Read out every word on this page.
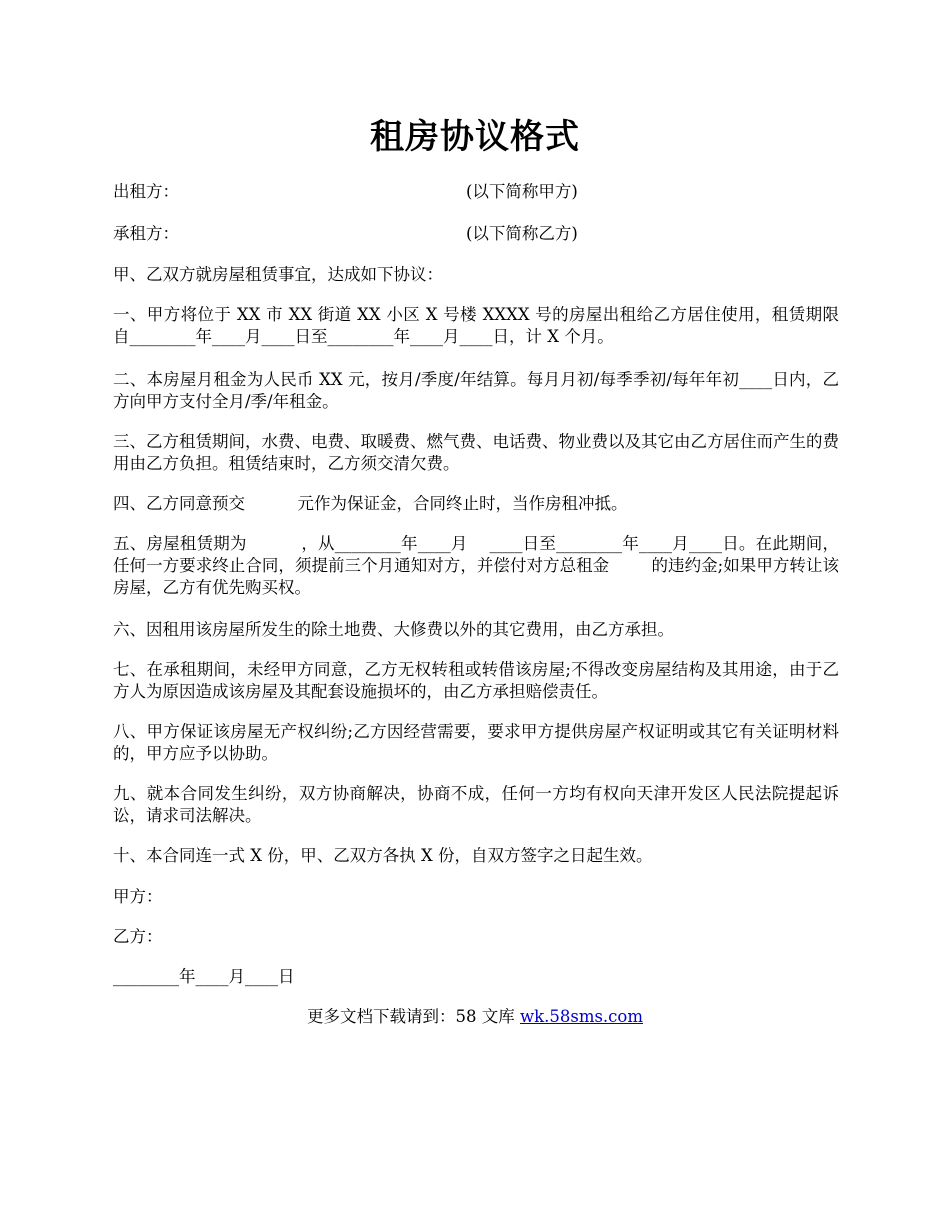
租房协议格式

出租方：	(以下简称甲方)

承租方：	(以下简称乙方)

甲、乙双方就房屋租赁事宜，达成如下协议：

一、甲方将位于 XX 市 XX 街道 XX 小区 X 号楼 XXXX 号的房屋出租给乙方居住使用，租赁期限自________年____月____日至________年____月____日，计 X 个月。

二、本房屋月租金为人民币 XX 元，按月/季度/年结算。每月月初/每季季初/每年年初____日内，乙方向甲方支付全月/季/年租金。

三、乙方租赁期间，水费、电费、取暖费、燃气费、电话费、物业费以及其它由乙方居住而产生的费用由乙方负担。租赁结束时，乙方须交清欠费。

四、乙方同意预交          元作为保证金，合同终止时，当作房租冲抵。

五、房屋租赁期为          ，从________年____月    ____日至________年____月____日。在此期间，任何一方要求终止合同，须提前三个月通知对方，并偿付对方总租金        的违约金;如果甲方转让该房屋，乙方有优先购买权。

六、因租用该房屋所发生的除土地费、大修费以外的其它费用，由乙方承担。

七、在承租期间，未经甲方同意，乙方无权转租或转借该房屋;不得改变房屋结构及其用途，由于乙方人为原因造成该房屋及其配套设施损坏的，由乙方承担赔偿责任。

八、甲方保证该房屋无产权纠纷;乙方因经营需要，要求甲方提供房屋产权证明或其它有关证明材料的，甲方应予以协助。

九、就本合同发生纠纷，双方协商解决，协商不成，任何一方均有权向天津开发区人民法院提起诉讼，请求司法解决。

十、本合同连一式 X 份，甲、乙双方各执 X 份，自双方签字之日起生效。

甲方：

乙方：

________年____月____日

更多文档下载请到：58 文库 wk.58sms.com
